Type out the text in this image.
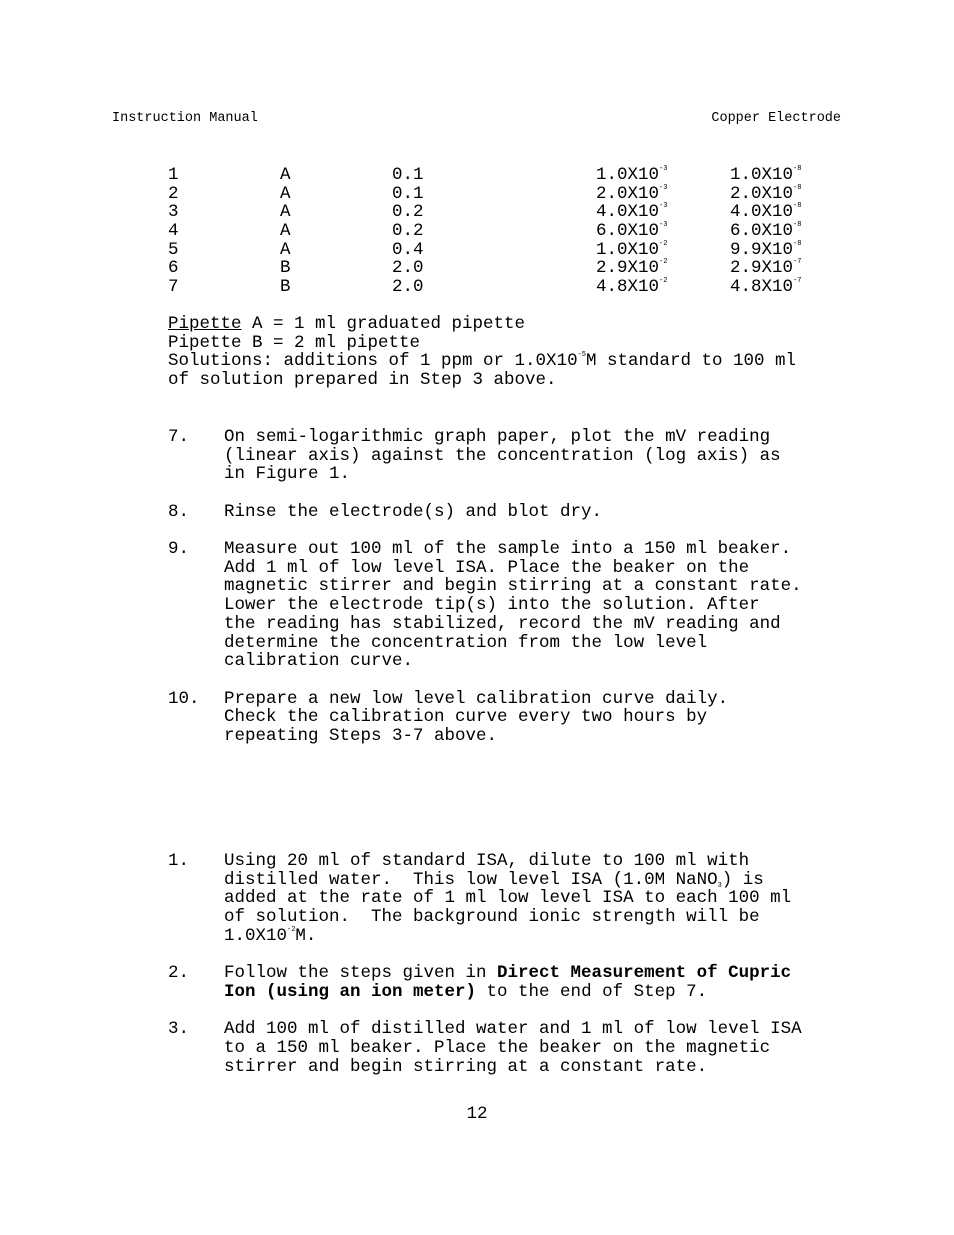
Instruction Manual	Copper Electrode
1	A	0.1	$1.0X10^{-3}$	$1.0X10^{-8}$
2	A	0.1	$2.0X10^{-3}$	$2.0X10^{-8}$
3	A	0.2	$4.0X10^{-3}$	$4.0X10^{-8}$
4	A	0.2	$6.0X10^{-3}$	$6.0X10^{-8}$
5	A	0.4	$1.0X10^{-2}$	$9.9X10^{-8}$
6	B	2.0	$2.9X10^{-2}$	$2.9X10^{-7}$
7	B	2.0	$4.8X10^{-2}$	$4.8X10^{-7}$
Pipette A = 1 ml graduated pipette
Pipette B = 2 ml pipette
Solutions: additions of 1 ppm or $1.0X10^{-5}M$ standard to 100 ml
of solution prepared in Step 3 above.
7.	On semi-logarithmic graph paper, plot the mV reading
(linear axis) against the concentration (log axis) as
in Figure 1.
8.	Rinse the electrode(s) and blot dry.
9.	Measure out 100 ml of the sample into a 150 ml beaker.
Add 1 ml of low level ISA. Place the beaker on the
magnetic stirrer and begin stirring at a constant rate.
Lower the electrode tip(s) into the solution. After
the reading has stabilized, record the mV reading and
determine the concentration from the low level
calibration curve.
10.	Prepare a new low level calibration curve daily.
Check the calibration curve every two hours by
repeating Steps 3-7 above.
1.	Using 20 ml of standard ISA, dilute to 100 ml with
distilled water.  This low level ISA (1.0M NaNO$_3$) is
added at the rate of 1 ml low level ISA to each 100 ml
of solution.  The background ionic strength will be
$1.0X10^{-2}M$.
2.	Follow the steps given in Direct Measurement of Cupric
Ion (using an ion meter) to the end of Step 7.
3.	Add 100 ml of distilled water and 1 ml of low level ISA
to a 150 ml beaker. Place the beaker on the magnetic
stirrer and begin stirring at a constant rate.
12
